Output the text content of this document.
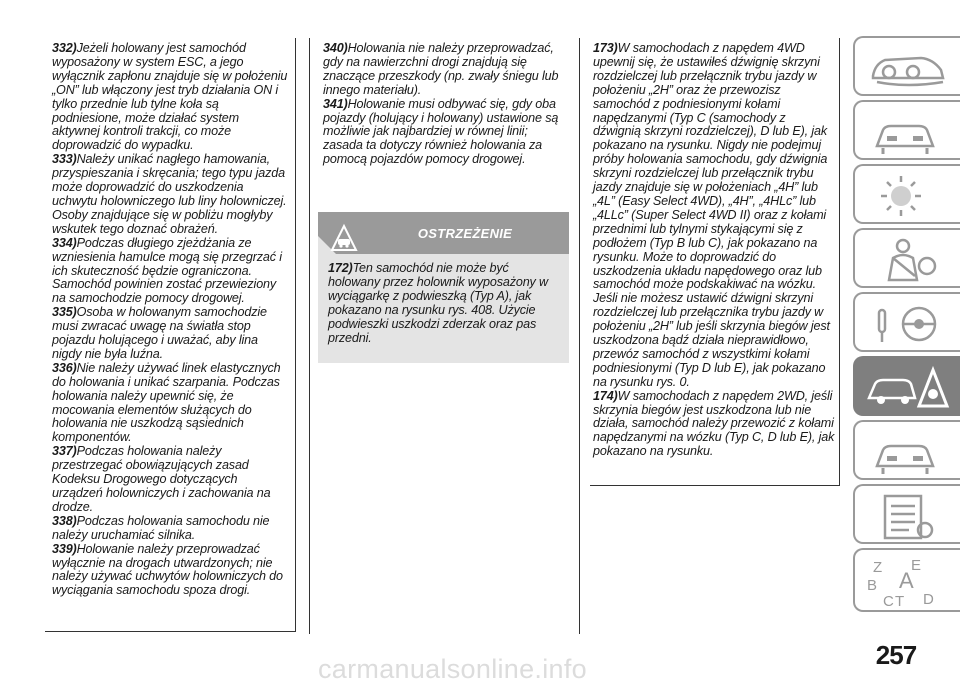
332)Jeżeli holowany jest samochód wyposażony w system ESC, a jego wyłącznik zapłonu znajduje się w położeniu „ON” lub włączony jest tryb działania ON i tylko przednie lub tylne koła są podniesione, może działać system aktywnej kontroli trakcji, co może doprowadzić do wypadku.

333)Należy unikać nagłego hamowania, przyspieszania i skręcania; tego typu jazda może doprowadzić do uszkodzenia uchwytu holowniczego lub liny holowniczej. Osoby znajdujące się w pobliżu mogłyby wskutek tego doznać obrażeń.

334)Podczas długiego zjeżdżania ze wzniesienia hamulce mogą się przegrzać i ich skuteczność będzie ograniczona. Samochód powinien zostać przewieziony na samochodzie pomocy drogowej.

335)Osoba w holowanym samochodzie musi zwracać uwagę na światła stop pojazdu holującego i uważać, aby lina nigdy nie była luźna.

336)Nie należy używać linek elastycznych do holowania i unikać szarpania. Podczas holowania należy upewnić się, że mocowania elementów służących do holowania nie uszkodzą sąsiednich komponentów.

337)Podczas holowania należy przestrzegać obowiązujących zasad Kodeksu Drogowego dotyczących urządzeń holowniczych i zachowania na drodze.

338)Podczas holowania samochodu nie należy uruchamiać silnika.

339)Holowanie należy przeprowadzać wyłącznie na drogach utwardzonych; nie należy używać uchwytów holowniczych do wyciągania samochodu spoza drogi.

340)Holowania nie należy przeprowadzać, gdy na nawierzchni drogi znajdują się znaczące przeszkody (np. zwały śniegu lub innego materiału).

341)Holowanie musi odbywać się, gdy oba pojazdy (holujący i holowany) ustawione są możliwie jak najbardziej w równej linii; zasada ta dotyczy również holowania za pomocą pojazdów pomocy drogowej.

OSTRZEŻENIE

172)Ten samochód nie może być holowany przez holownik wyposażony w wyciągarkę z podwieszką (Typ A), jak pokazano na rysunku rys. 408. Użycie podwieszki uszkodzi zderzak oraz pas przedni.

173)W samochodach z napędem 4WD upewnij się, że ustawiłeś dźwignię skrzyni rozdzielczej lub przełącznik trybu jazdy w położeniu „2H” oraz że przewozisz samochód z podniesionymi kołami napędzanymi (Typ C (samochody z dźwignią skrzyni rozdzielczej), D lub E), jak pokazano na rysunku. Nigdy nie podejmuj próby holowania samochodu, gdy dźwignia skrzyni rozdzielczej lub przełącznik trybu jazdy znajduje się w położeniach „4H” lub „4L” (Easy Select 4WD), „4H”, „4HLc” lub „4LLc” (Super Select 4WD II) oraz z kołami przednimi lub tylnymi stykającymi się z podłożem (Typ B lub C), jak pokazano na rysunku. Może to doprowadzić do uszkodzenia układu napędowego oraz lub samochód może podskakiwać na wózku. Jeśli nie możesz ustawić dźwigni skrzyni rozdzielczej lub przełącznika trybu jazdy w położeniu „2H” lub jeśli skrzynia biegów jest uszkodzona bądź działa nieprawidłowo, przewóz samochód z wszystkimi kołami podniesionymi (Typ D lub E), jak pokazano na rysunku rys. 0.

174)W samochodach z napędem 2WD, jeśli skrzynia biegów jest uszkodzona lub nie działa, samochód należy przewozić z kołami napędzanymi na wózku (Typ C, D lub E), jak pokazano na rysunku.

Z E
B A
C T D
257
carmanualsonline.info
